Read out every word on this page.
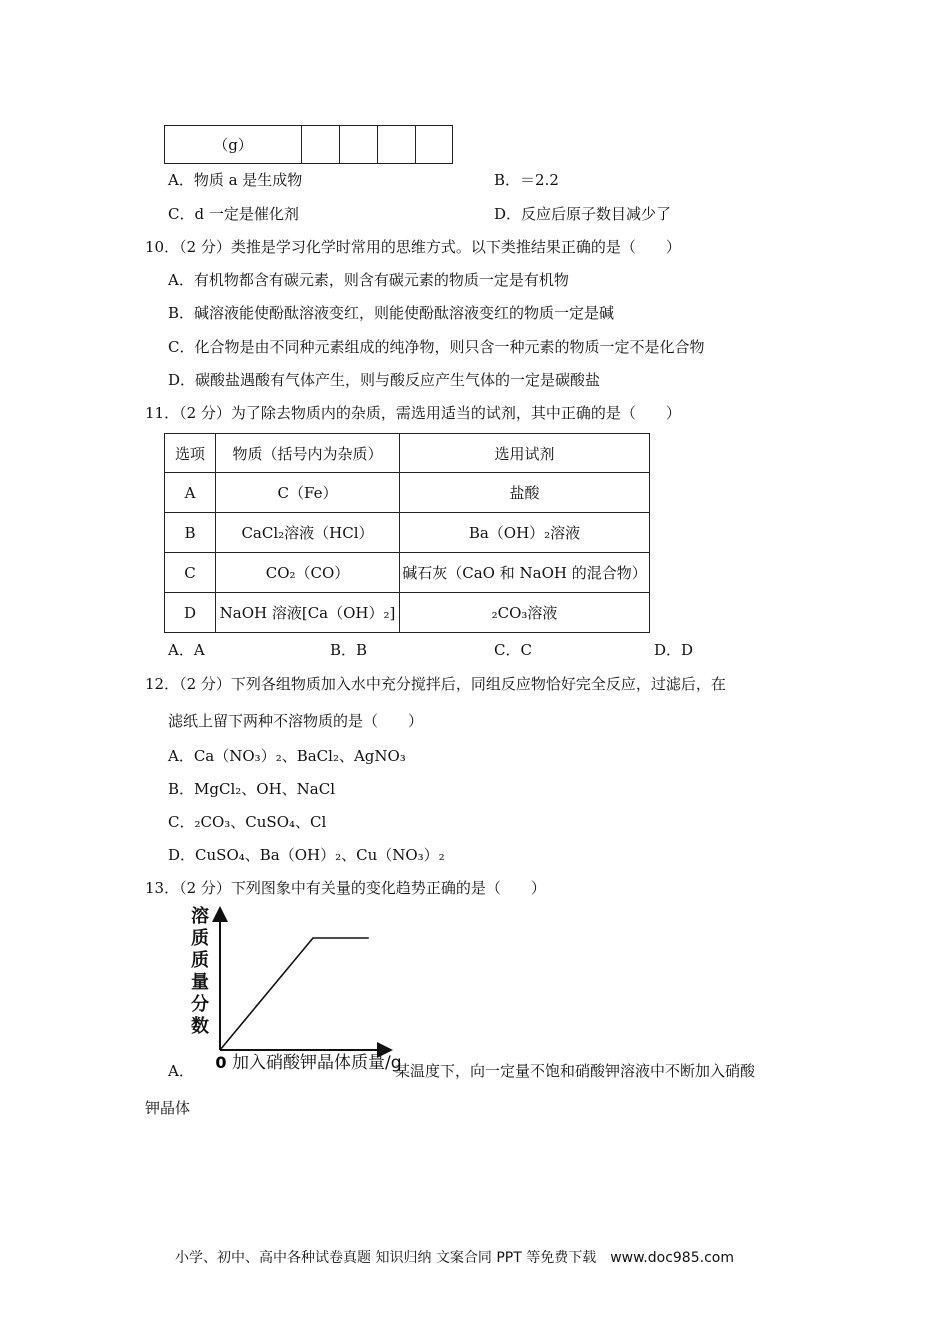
（g）				
A．物质 a 是生成物	B．＝2.2
C．d 一定是催化剂	D．反应后原子数目减少了
10．（2 分）类推是学习化学时常用的思维方式。以下类推结果正确的是（　　）
A．有机物都含有碳元素，则含有碳元素的物质一定是有机物
B．碱溶液能使酚酞溶液变红，则能使酚酞溶液变红的物质一定是碱
C．化合物是由不同种元素组成的纯净物，则只含一种元素的物质一定不是化合物
D．碳酸盐遇酸有气体产生，则与酸反应产生气体的一定是碳酸盐
11．（2 分）为了除去物质内的杂质，需选用适当的试剂，其中正确的是（　　）
选项	物质（括号内为杂质）	选用试剂
A	C（Fe）	盐酸
B	CaCl₂溶液（HCl）	Ba（OH）₂溶液
C	CO₂（CO）	碱石灰（CaO 和 NaOH 的混合物）
D	NaOH 溶液[Ca（OH）₂]	₂CO₃溶液
A．A	B．B	C．C	D．D
12．（2 分）下列各组物质加入水中充分搅拌后，同组反应物恰好完全反应，过滤后，在
滤纸上留下两种不溶物质的是（　　）
A．Ca（NO₃）₂、BaCl₂、AgNO₃
B．MgCl₂、OH、NaCl
C．₂CO₃、CuSO₄、Cl
D．CuSO₄、Ba（OH）₂、Cu（NO₃）₂
13．（2 分）下列图象中有关量的变化趋势正确的是（　　）
溶
质
质
量
分
数
0 加入硝酸钾晶体质量/g
A．	某温度下，向一定量不饱和硝酸钾溶液中不断加入硝酸
钾晶体
小学、初中、高中各种试卷真题 知识归纳 文案合同 PPT 等免费下载　www.doc985.com
